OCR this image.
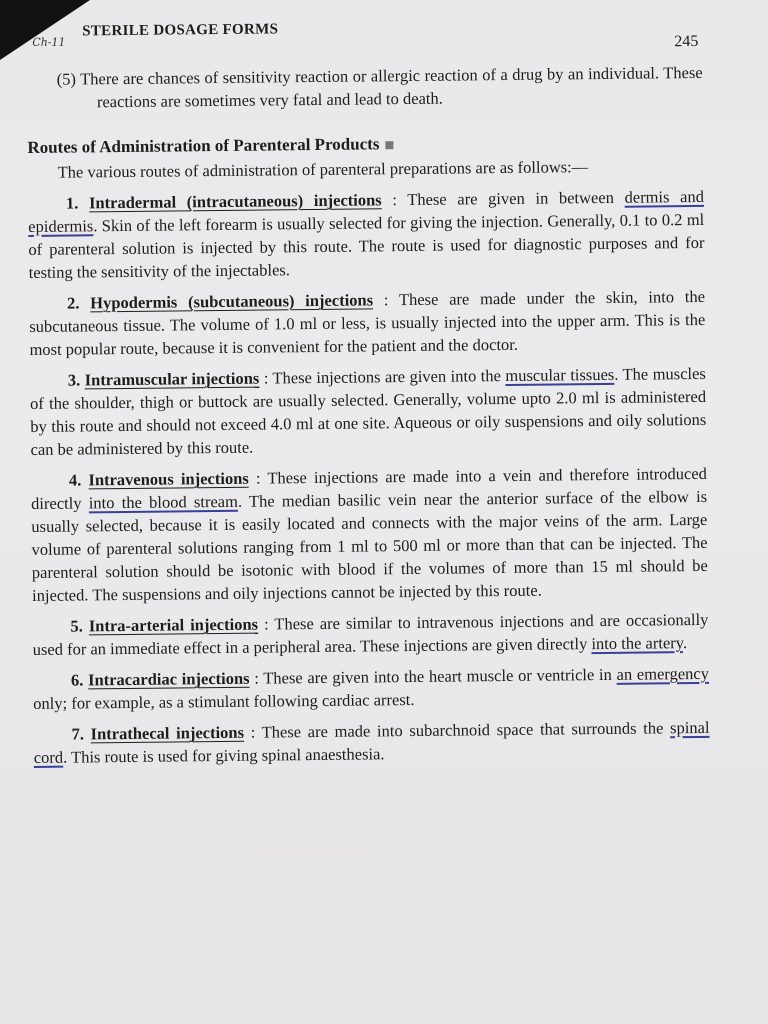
Ch-11
STERILE DOSAGE FORMS
245

(5) There are chances of sensitivity reaction or allergic reaction of a drug by an individual. These reactions are sometimes very fatal and lead to death.

Routes of Administration of Parenteral Products

The various routes of administration of parenteral preparations are as follows:—

1. Intradermal (intracutaneous) injections : These are given in between dermis and epidermis. Skin of the left forearm is usually selected for giving the injection. Generally, 0.1 to 0.2 ml of parenteral solution is injected by this route. The route is used for diagnostic purposes and for testing the sensitivity of the injectables.

2. Hypodermis (subcutaneous) injections : These are made under the skin, into the subcutaneous tissue. The volume of 1.0 ml or less, is usually injected into the upper arm. This is the most popular route, because it is convenient for the patient and the doctor.

3. Intramuscular injections : These injections are given into the muscular tissues. The muscles of the shoulder, thigh or buttock are usually selected. Generally, volume upto 2.0 ml is administered by this route and should not exceed 4.0 ml at one site. Aqueous or oily suspensions and oily solutions can be administered by this route.

4. Intravenous injections : These injections are made into a vein and therefore introduced directly into the blood stream. The median basilic vein near the anterior surface of the elbow is usually selected, because it is easily located and connects with the major veins of the arm. Large volume of parenteral solutions ranging from 1 ml to 500 ml or more than that can be injected. The parenteral solution should be isotonic with blood if the volumes of more than 15 ml should be injected. The suspensions and oily injections cannot be injected by this route.

5. Intra-arterial injections : These are similar to intravenous injections and are occasionally used for an immediate effect in a peripheral area. These injections are given directly into the artery.

6. Intracardiac injections : These are given into the heart muscle or ventricle in an emergency only; for example, as a stimulant following cardiac arrest.

7. Intrathecal injections : These are made into subarchnoid space that surrounds the spinal cord. This route is used for giving spinal anaesthesia.
